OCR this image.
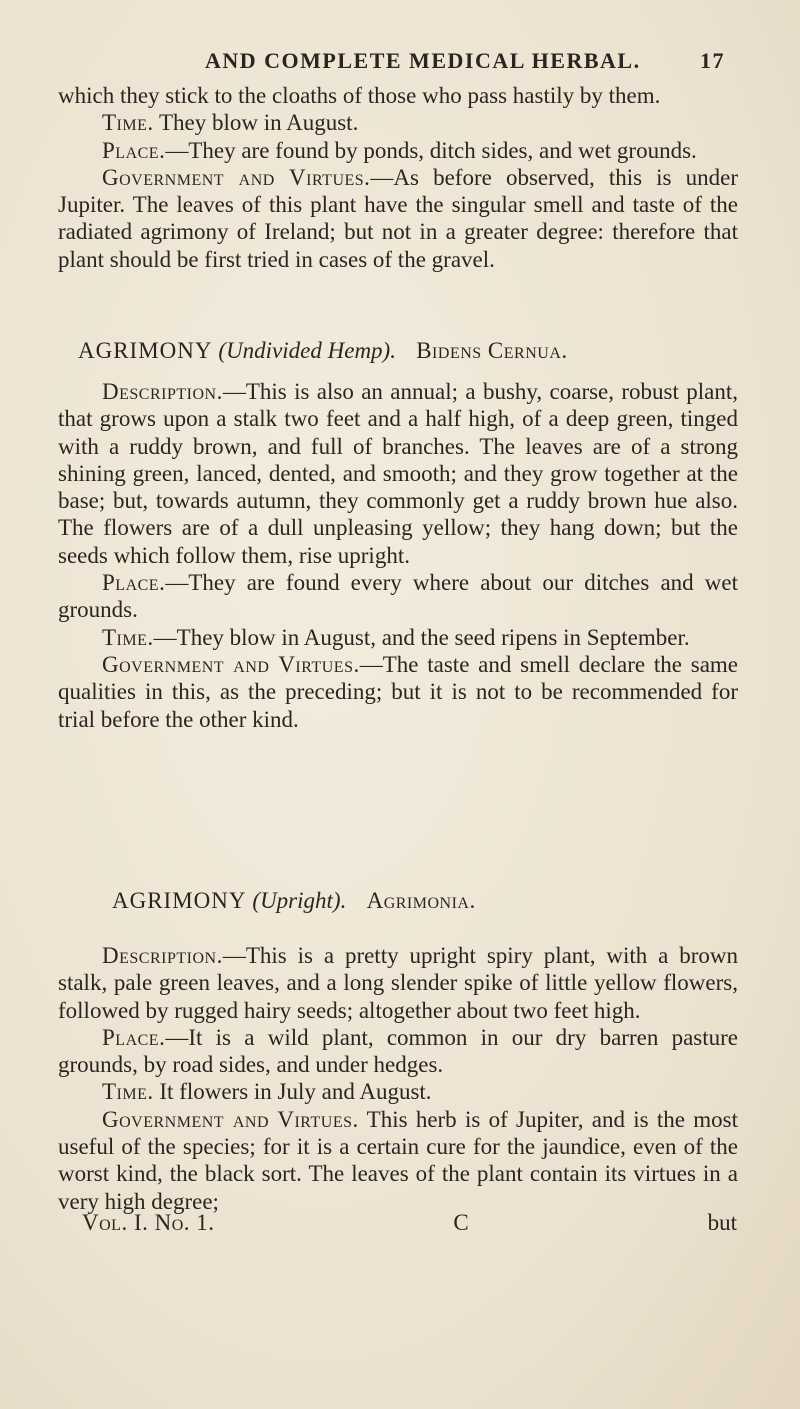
AND COMPLETE MEDICAL HERBAL.	17

which they stick to the cloaths of those who pass hastily by them.

Time. They blow in August.

Place.—They are found by ponds, ditch sides, and wet grounds.

Government and Virtues.—As before observed, this is under Jupiter. The leaves of this plant have the singular smell and taste of the radiated agrimony of Ireland; but not in a greater degree: therefore that plant should be first tried in cases of the gravel.

AGRIMONY (Undivided Hemp). Bidens Cernua.

Description.—This is also an annual; a bushy, coarse, robust plant, that grows upon a stalk two feet and a half high, of a deep green, tinged with a ruddy brown, and full of branches. The leaves are of a strong shining green, lanced, dented, and smooth; and they grow together at the base; but, towards autumn, they commonly get a ruddy brown hue also. The flowers are of a dull unpleasing yellow; they hang down; but the seeds which follow them, rise upright.

Place.—They are found every where about our ditches and wet grounds.

Time.—They blow in August, and the seed ripens in September.

Government and Virtues.—The taste and smell declare the same qualities in this, as the preceding; but it is not to be recommended for trial before the other kind.

AGRIMONY (Upright). Agrimonia.

Description.—This is a pretty upright spiry plant, with a brown stalk, pale green leaves, and a long slender spike of little yellow flowers, followed by rugged hairy seeds; altogether about two feet high.

Place.—It is a wild plant, common in our dry barren pasture grounds, by road sides, and under hedges.

Time. It flowers in July and August.

Government and Virtues. This herb is of Jupiter, and is the most useful of the species; for it is a certain cure for the jaundice, even of the worst kind, the black sort. The leaves of the plant contain its virtues in a very high degree;

Vol. I. No. 1.	C	but
